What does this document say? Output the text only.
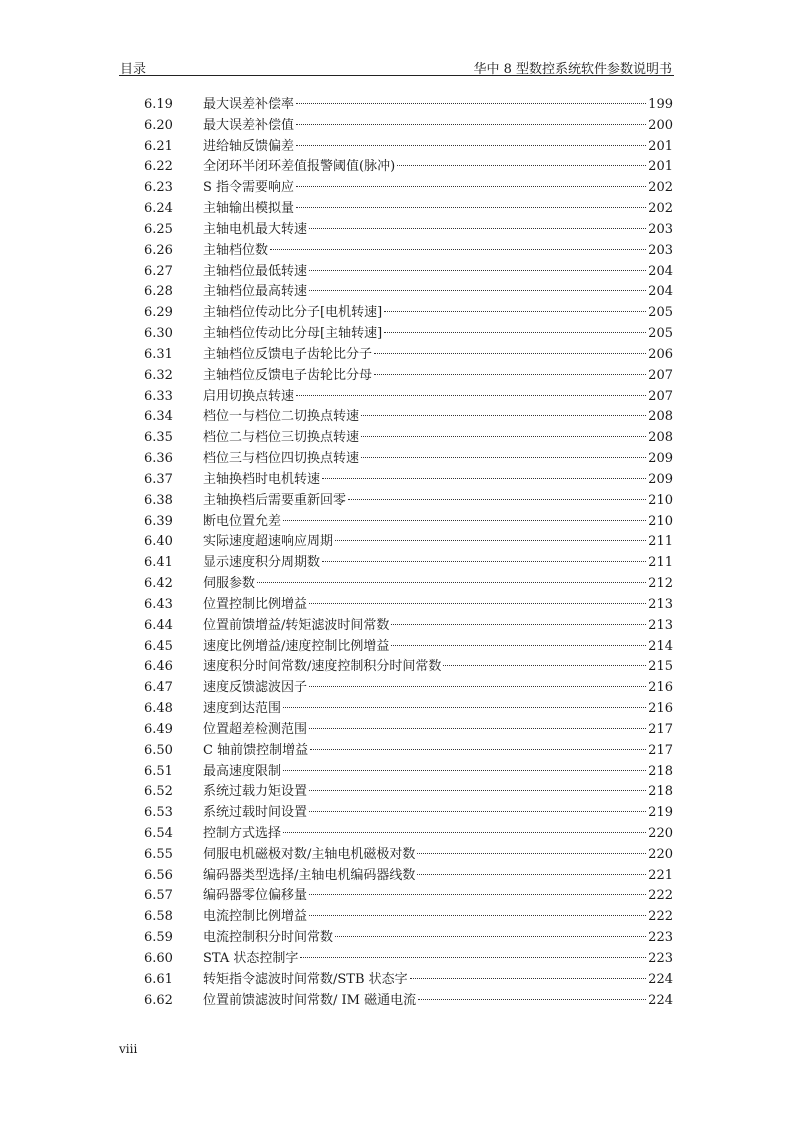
目录	华中 8 型数控系统软件参数说明书
6.19	最大误差补偿率	199
6.20	最大误差补偿值	200
6.21	进给轴反馈偏差	201
6.22	全闭环半闭环差值报警阈值(脉冲)	201
6.23	S 指令需要响应	202
6.24	主轴输出模拟量	202
6.25	主轴电机最大转速	203
6.26	主轴档位数	203
6.27	主轴档位最低转速	204
6.28	主轴档位最高转速	204
6.29	主轴档位传动比分子[电机转速]	205
6.30	主轴档位传动比分母[主轴转速]	205
6.31	主轴档位反馈电子齿轮比分子	206
6.32	主轴档位反馈电子齿轮比分母	207
6.33	启用切换点转速	207
6.34	档位一与档位二切换点转速	208
6.35	档位二与档位三切换点转速	208
6.36	档位三与档位四切换点转速	209
6.37	主轴换档时电机转速	209
6.38	主轴换档后需要重新回零	210
6.39	断电位置允差	210
6.40	实际速度超速响应周期	211
6.41	显示速度积分周期数	211
6.42	伺服参数	212
6.43	位置控制比例增益	213
6.44	位置前馈增益/转矩滤波时间常数	213
6.45	速度比例增益/速度控制比例增益	214
6.46	速度积分时间常数/速度控制积分时间常数	215
6.47	速度反馈滤波因子	216
6.48	速度到达范围	216
6.49	位置超差检测范围	217
6.50	C 轴前馈控制增益	217
6.51	最高速度限制	218
6.52	系统过载力矩设置	218
6.53	系统过载时间设置	219
6.54	控制方式选择	220
6.55	伺服电机磁极对数/主轴电机磁极对数	220
6.56	编码器类型选择/主轴电机编码器线数	221
6.57	编码器零位偏移量	222
6.58	电流控制比例增益	222
6.59	电流控制积分时间常数	223
6.60	STA 状态控制字	223
6.61	转矩指令滤波时间常数/STB 状态字	224
6.62	位置前馈滤波时间常数/ IM 磁通电流	224
viii
